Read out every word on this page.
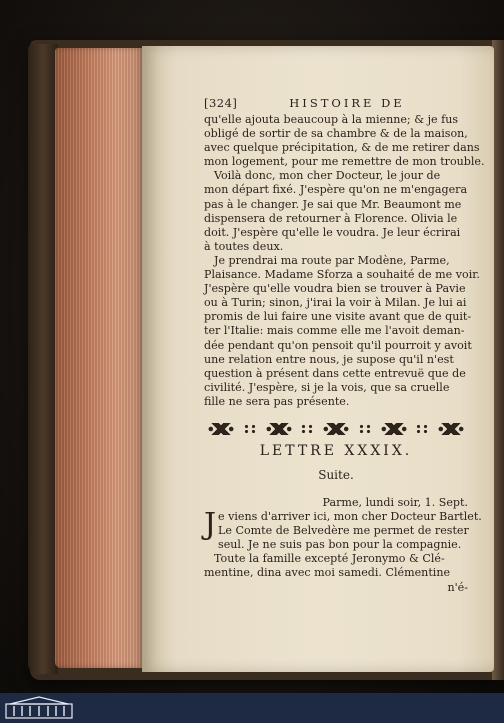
[324]	HISTOIRE DE
qu'elle ajouta beaucoup à la mienne; & je fus
obligé de sortir de sa chambre & de la maison,
avec quelque précipitation, & de me retirer dans
mon logement, pour me remettre de mon trouble.
Voilà donc, mon cher Docteur, le jour de
mon départ fixé. J'espère qu'on ne m'engagera
pas à le changer. Je sai que Mr. Beaumont me
dispensera de retourner à Florence. Olivia le
doit. J'espère qu'elle le voudra. Je leur écrirai
à toutes deux.
Je prendrai ma route par Modène, Parme,
Plaisance. Madame Sforza a souhaité de me voir.
J'espère qu'elle voudra bien se trouver à Pavie
ou à Turin; sinon, j'irai la voir à Milan. Je lui ai
promis de lui faire une visite avant que de quit-
ter l'Italie: mais comme elle me l'avoit deman-
dée pendant qu'on pensoit qu'il pourroit y avoit
une relation entre nous, je supose qu'il n'est
question à présent dans cette entrevuë que de
civilité. J'espère, si je la vois, que sa cruelle
fille ne sera pas présente.
LETTRE XXXIX.
Suite.
Parme, lundi soir, 1. Sept.
J e viens d'arriver ici, mon cher Docteur Bartlet.
Le Comte de Belvedère me permet de rester
seul. Je ne suis pas bon pour la compagnie.
Toute la famille excepté Jeronymo & Clé-
mentine, dina avec moi samedi. Clémentine
n'é-
